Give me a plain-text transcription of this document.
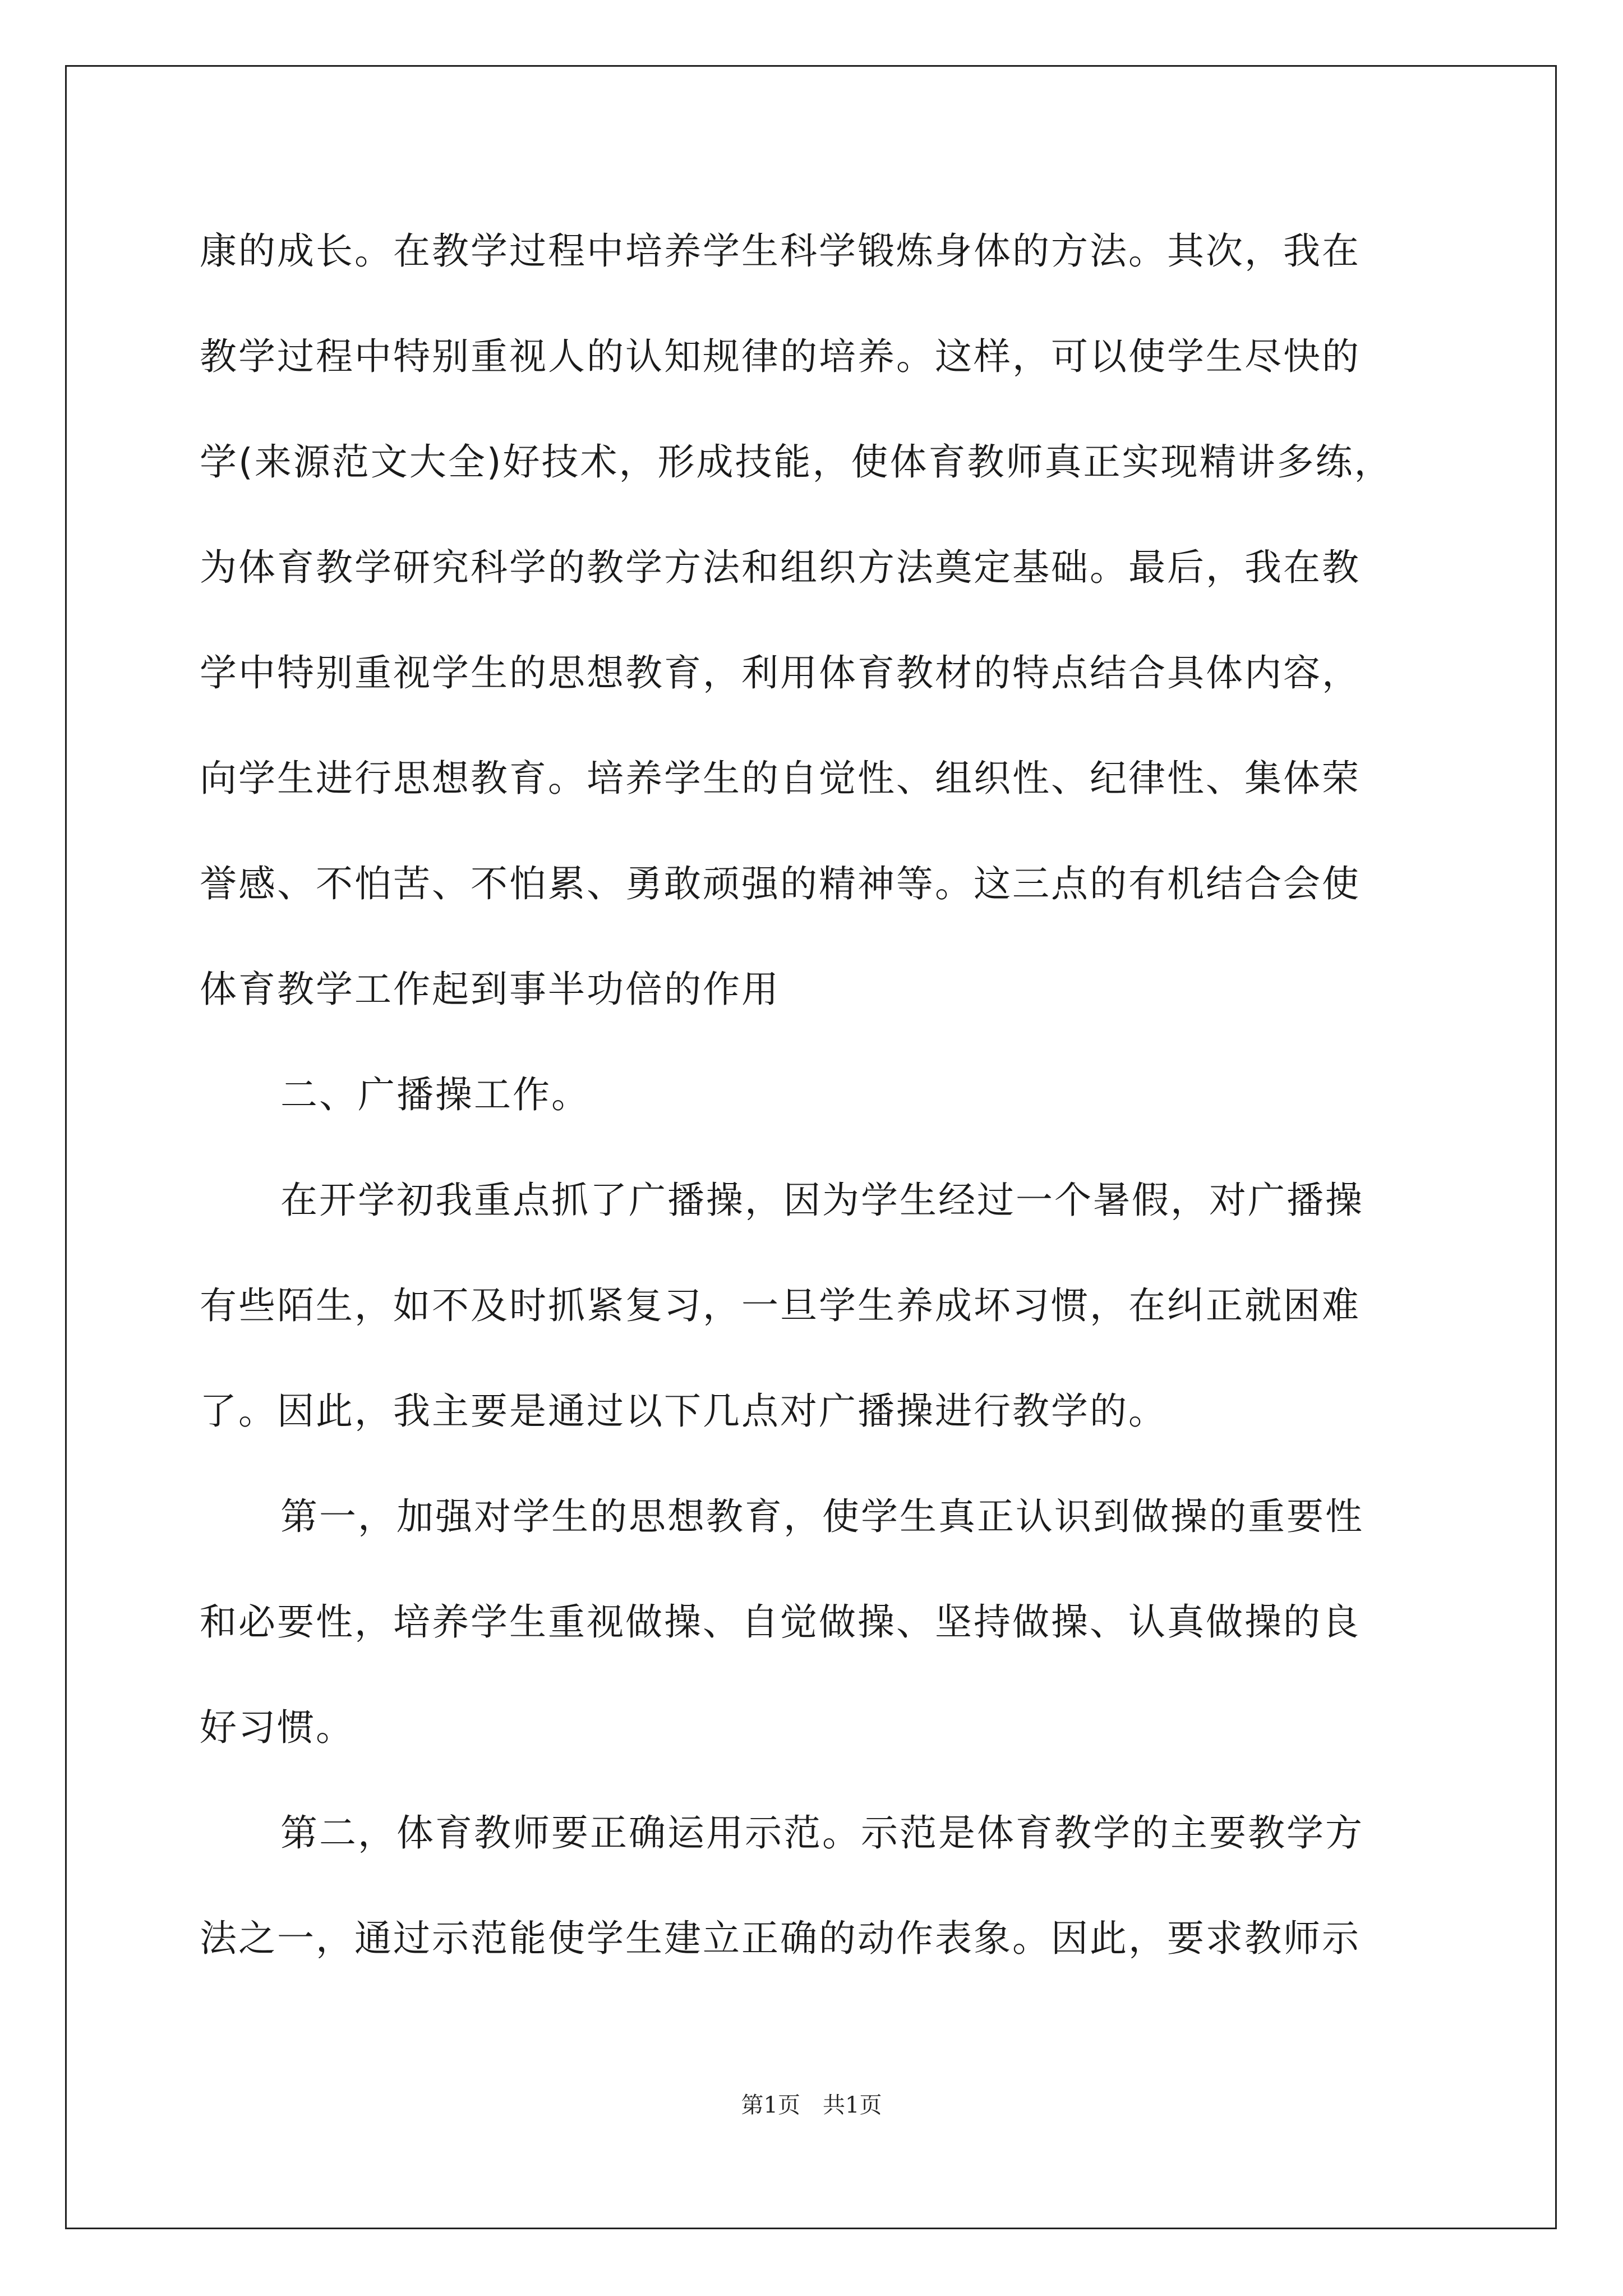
康的成长。在教学过程中培养学生科学锻炼身体的方法。其次，我在
教学过程中特别重视人的认知规律的培养。这样，可以使学生尽快的
学(来源范文大全)好技术，形成技能，使体育教师真正实现精讲多练，
为体育教学研究科学的教学方法和组织方法奠定基础。最后，我在教
学中特别重视学生的思想教育，利用体育教材的特点结合具体内容，
向学生进行思想教育。培养学生的自觉性、组织性、纪律性、集体荣
誉感、不怕苦、不怕累、勇敢顽强的精神等。这三点的有机结合会使
体育教学工作起到事半功倍的作用
二、广播操工作。
在开学初我重点抓了广播操，因为学生经过一个暑假，对广播操
有些陌生，如不及时抓紧复习，一旦学生养成坏习惯，在纠正就困难
了。因此，我主要是通过以下几点对广播操进行教学的。
第一，加强对学生的思想教育，使学生真正认识到做操的重要性
和必要性，培养学生重视做操、自觉做操、坚持做操、认真做操的良
好习惯。
第二，体育教师要正确运用示范。示范是体育教学的主要教学方
法之一，通过示范能使学生建立正确的动作表象。因此，要求教师示
第1页　共1页
